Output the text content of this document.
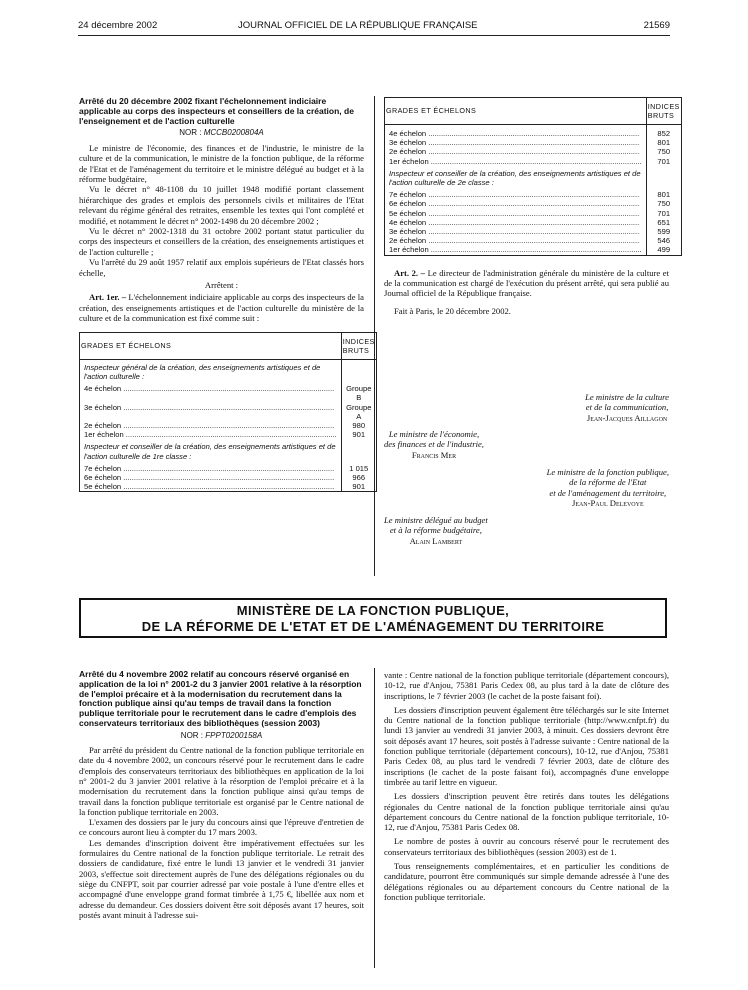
24 décembre 2002	JOURNAL OFFICIEL DE LA RÉPUBLIQUE FRANÇAISE	21569

Arrêté du 20 décembre 2002 fixant l'échelonnement indiciaire applicable au corps des inspecteurs et conseillers de la création, de l'enseignement et de l'action culturelle

NOR : MCCB0200804A

Le ministre de l'économie, des finances et de l'industrie, le ministre de la culture et de la communication, le ministre de la fonction publique, de la réforme de l'Etat et de l'aménagement du territoire et le ministre délégué au budget et à la réforme budgétaire,

Vu le décret n° 48-1108 du 10 juillet 1948 modifié portant classement hiérarchique des grades et emplois des personnels civils et militaires de l'Etat relevant du régime général des retraites, ensemble les textes qui l'ont complété et modifié, et notamment le décret n° 2002-1498 du 20 décembre 2002 ;

Vu le décret n° 2002-1318 du 31 octobre 2002 portant statut particulier du corps des inspecteurs et conseillers de la création, des enseignements artistiques et de l'action culturelle ;

Vu l'arrêté du 29 août 1957 relatif aux emplois supérieurs de l'Etat classés hors échelle,

Arrêtent :

Art. 1er. – L'échelonnement indiciaire applicable au corps des inspecteurs de la création, des enseignements artistiques et de l'action culturelle du ministère de la culture et de la communication est fixé comme suit :

GRADES ET ÉCHELONS	INDICES BRUTS
Inspecteur général de la création, des enseignements artistiques et de l'action culturelle :	
4e échelon .....	Groupe B
3e échelon .....	Groupe A
2e échelon .....	980
1er échelon .....	901
Inspecteur et conseiller de la création, des enseignements artistiques et de l'action culturelle de 1re classe :	
7e échelon .....	1 015
6e échelon .....	966
5e échelon .....	901
GRADES ET ÉCHELONS	INDICES BRUTS

4e échelon .....	852
3e échelon .....	801
2e échelon .....	750
1er échelon .....	701
Inspecteur et conseiller de la création, des enseignements artistiques et de l'action culturelle de 2e classe :	
7e échelon .....	801
6e échelon .....	750
5e échelon .....	701
4e échelon .....	651
3e échelon .....	599
2e échelon .....	546
1er échelon .....	499

Art. 2. – Le directeur de l'administration générale du ministère de la culture et de la communication est chargé de l'exécution du présent arrêté, qui sera publié au Journal officiel de la République française.

Fait à Paris, le 20 décembre 2002.

Le ministre de la culture
et de la communication,
Jean-Jacques Aillagon
Le ministre de l'économie,
des finances et de l'industrie,
Francis Mer
Le ministre de la fonction publique,
de la réforme de l'Etat
et de l'aménagement du territoire,
Jean-Paul Delevoye
Le ministre délégué au budget
et à la réforme budgétaire,
Alain Lambert
MINISTÈRE DE LA FONCTION PUBLIQUE,
DE LA RÉFORME DE L'ETAT ET DE L'AMÉNAGEMENT DU TERRITOIRE

Arrêté du 4 novembre 2002 relatif au concours réservé organisé en application de la loi n° 2001-2 du 3 janvier 2001 relative à la résorption de l'emploi précaire et à la modernisation du recrutement dans la fonction publique ainsi qu'au temps de travail dans la fonction publique territoriale pour le recrutement dans le cadre d'emplois des conservateurs territoriaux des bibliothèques (session 2003)

NOR : FPPT0200158A

Par arrêté du président du Centre national de la fonction publique territoriale en date du 4 novembre 2002, un concours réservé pour le recrutement dans le cadre d'emplois des conservateurs territoriaux des bibliothèques en application de la loi n° 2001-2 du 3 janvier 2001 relative à la résorption de l'emploi précaire et à la modernisation du recrutement dans la fonction publique ainsi qu'au temps de travail dans la fonction publique territoriale est organisé par le Centre national de la fonction publique territoriale en 2003.

L'examen des dossiers par le jury du concours ainsi que l'épreuve d'entretien de ce concours auront lieu à compter du 17 mars 2003.

Les demandes d'inscription doivent être impérativement effectuées sur les formulaires du Centre national de la fonction publique territoriale. Le retrait des dossiers de candidature, fixé entre le lundi 13 janvier et le vendredi 31 janvier 2003, s'effectue soit directement auprès de l'une des délégations régionales ou du siège du CNFPT, soit par courrier adressé par voie postale à l'une d'entre elles et accompagné d'une enveloppe grand format timbrée à 1,75 €, libellée aux nom et adresse du demandeur. Ces dossiers doivent être soit déposés avant 17 heures, soit postés avant minuit à l'adresse sui-

vante : Centre national de la fonction publique territoriale (département concours), 10-12, rue d'Anjou, 75381 Paris Cedex 08, au plus tard à la date de clôture des inscriptions, le 7 février 2003 (le cachet de la poste faisant foi).

Les dossiers d'inscription peuvent également être téléchargés sur le site Internet du Centre national de la fonction publique territoriale (http://www.cnfpt.fr) du lundi 13 janvier au vendredi 31 janvier 2003, à minuit. Ces dossiers devront être soit déposés avant 17 heures, soit postés à l'adresse suivante : Centre national de la fonction publique territoriale (département concours), 10-12, rue d'Anjou, 75381 Paris Cedex 08, au plus tard le vendredi 7 février 2003, date de clôture des inscriptions (le cachet de la poste faisant foi), accompagnés d'une enveloppe timbrée au tarif lettre en vigueur.

Les dossiers d'inscription peuvent être retirés dans toutes les délégations régionales du Centre national de la fonction publique territoriale ainsi qu'au département concours du Centre national de la fonction publique territoriale, 10-12, rue d'Anjou, 75381 Paris Cedex 08.

Le nombre de postes à ouvrir au concours réservé pour le recrutement des conservateurs territoriaux des bibliothèques (session 2003) est de 1.

Tous renseignements complémentaires, et en particulier les conditions de candidature, pourront être communiqués sur simple demande adressée à l'une des délégations régionales ou au département concours du Centre national de la fonction publique territoriale.
